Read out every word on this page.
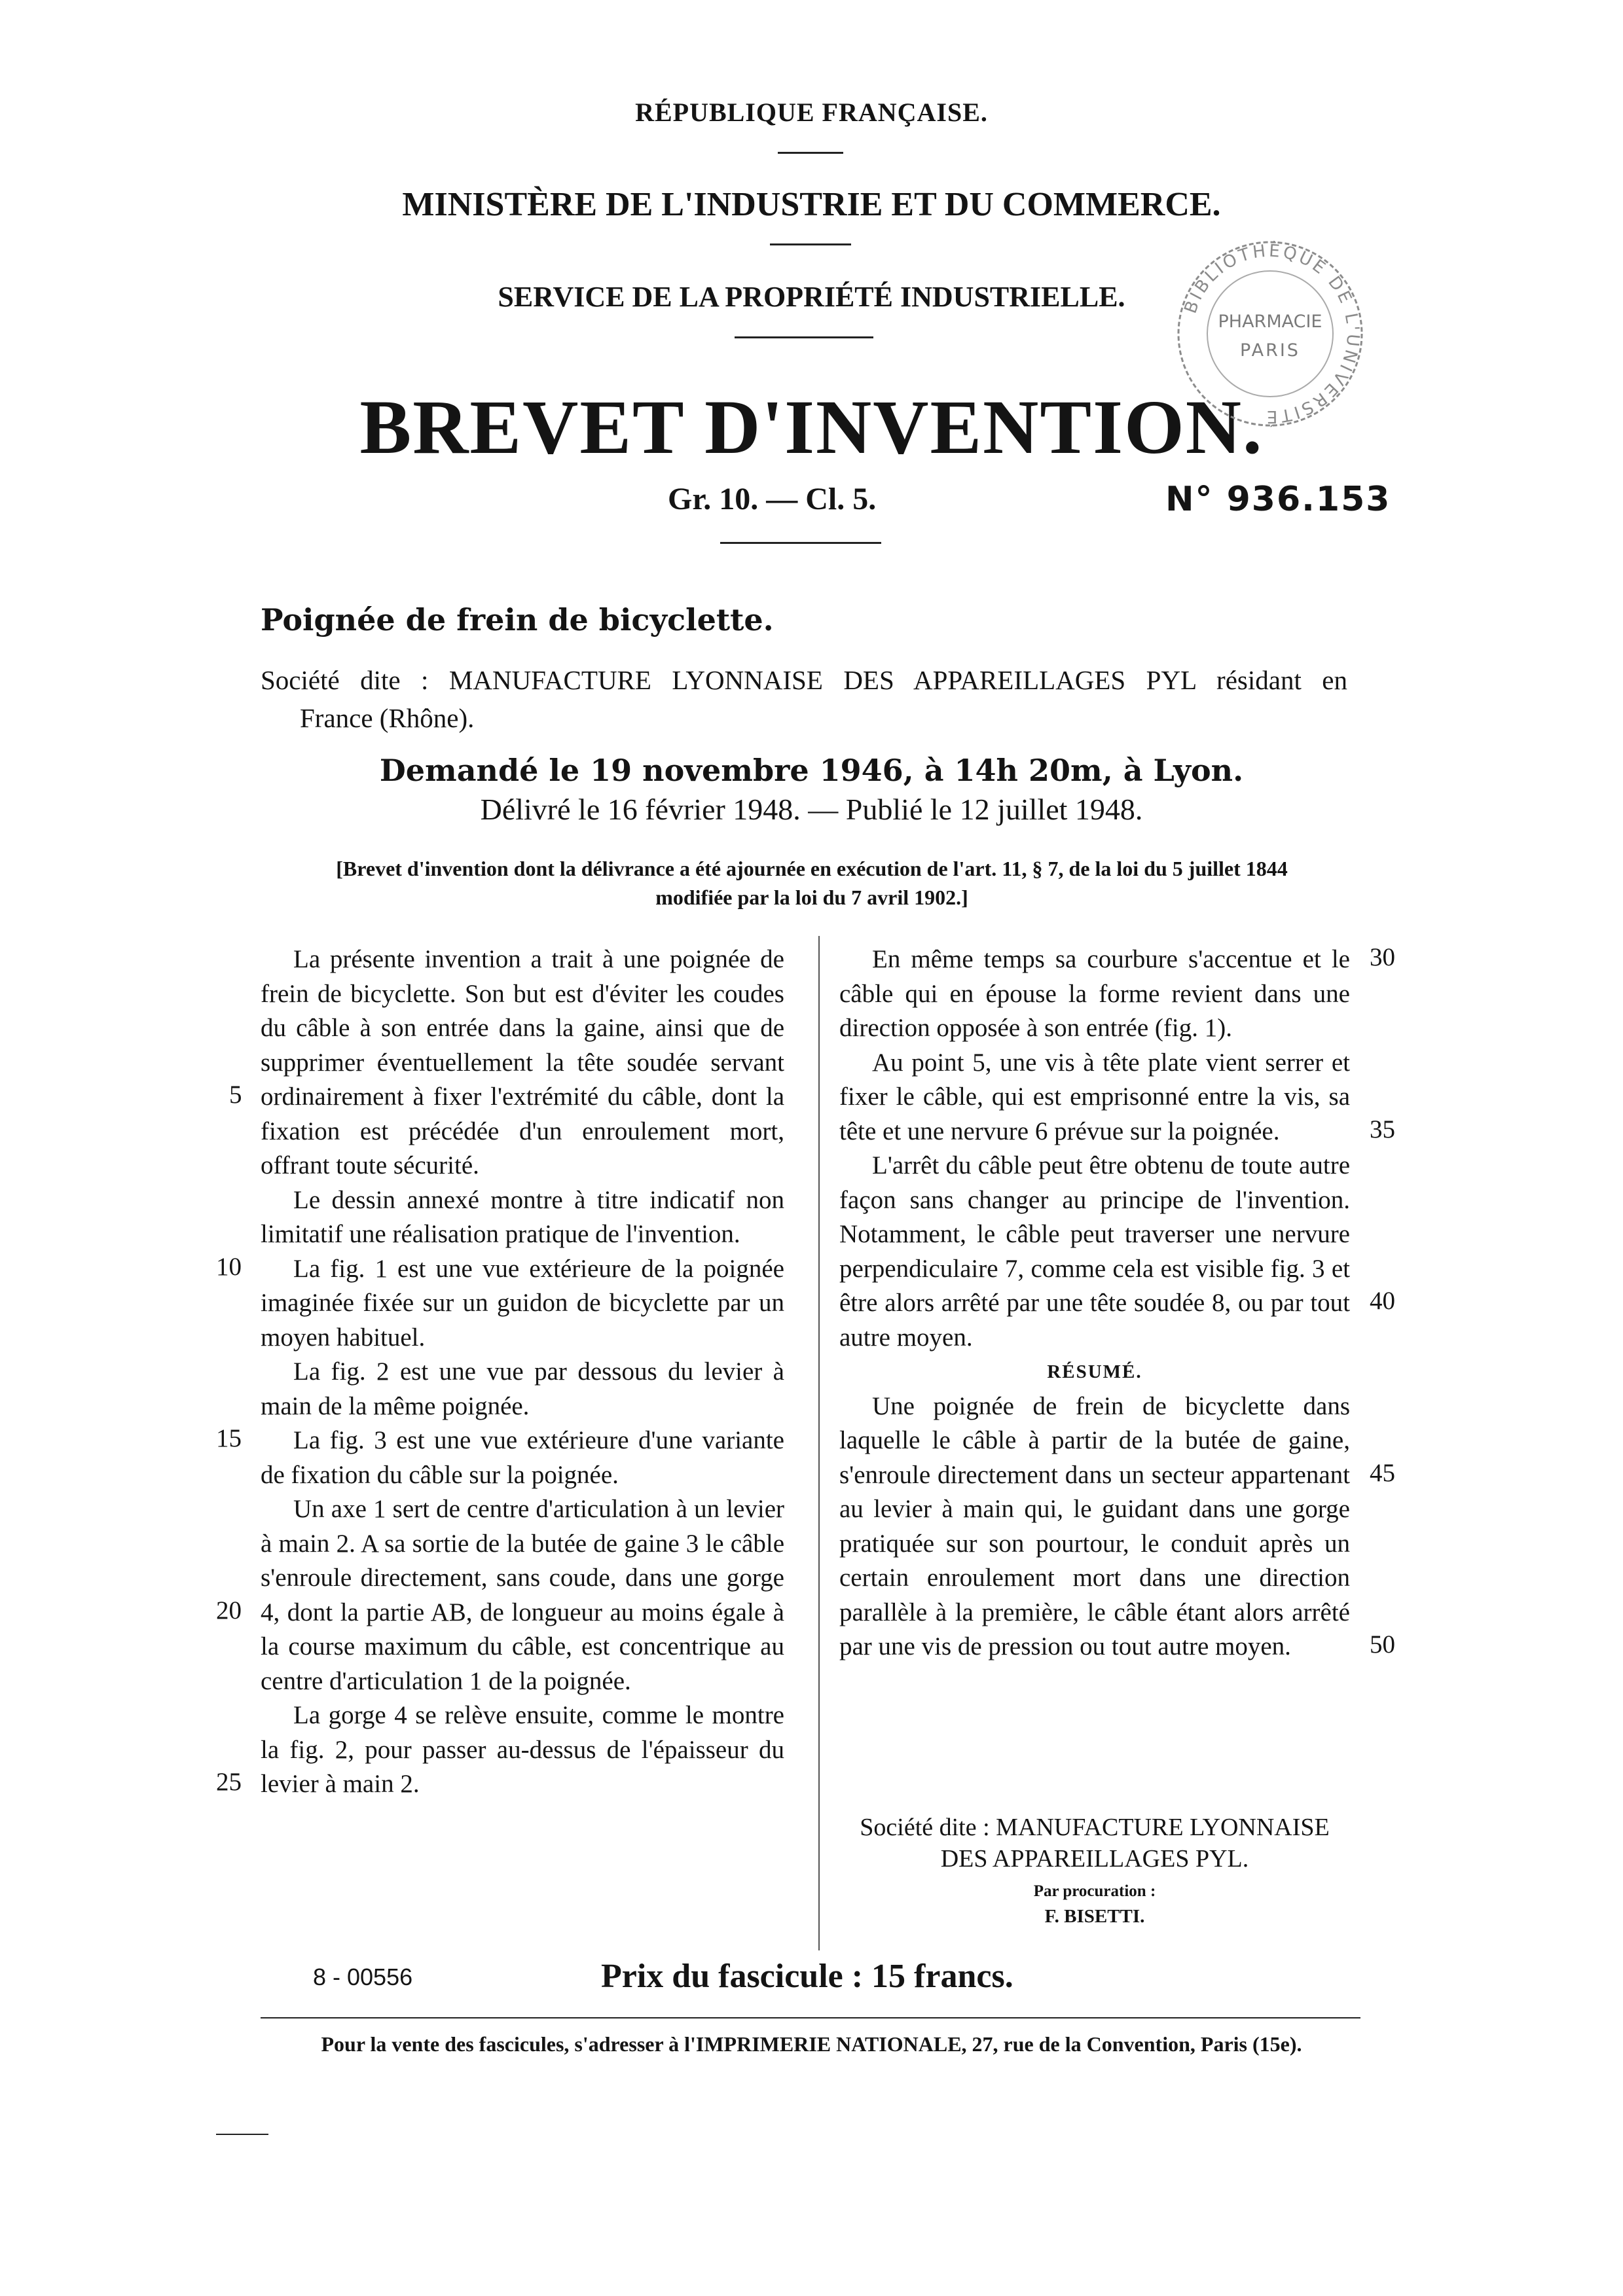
RÉPUBLIQUE FRANÇAISE.
MINISTÈRE DE L'INDUSTRIE ET DU COMMERCE.
SERVICE DE LA PROPRIÉTÉ INDUSTRIELLE.
BREVET D'INVENTION.
Gr. 10. — Cl. 5.	N° 936.153
BIBLIOTHÈQUE DE L'UNIVERSITÉ
PHARMACIE
PARIS
Poignée de frein de bicyclette.
Société dite : MANUFACTURE LYONNAISE DES APPAREILLAGES PYL résidant en
France (Rhône).
Demandé le 19 novembre 1946, à 14h 20m, à Lyon.
Délivré le 16 février 1948. — Publié le 12 juillet 1948.
[Brevet d'invention dont la délivrance a été ajournée en exécution de l'art. 11, § 7, de la loi du 5 juillet 1844
modifiée par la loi du 7 avril 1902.]

La présente invention a trait à une poignée de frein de bicyclette. Son but est d'éviter les coudes du câble à son entrée dans la gaine, ainsi que de supprimer éventuellement la tête soudée servant ordinairement à fixer l'extrémité du câble, dont la fixation est précédée d'un enroulement mort, offrant toute sécurité.

Le dessin annexé montre à titre indicatif non limitatif une réalisation pratique de l'invention.

La fig. 1 est une vue extérieure de la poignée imaginée fixée sur un guidon de bicyclette par un moyen habituel.

La fig. 2 est une vue par dessous du levier à main de la même poignée.

La fig. 3 est une vue extérieure d'une variante de fixation du câble sur la poignée.

Un axe 1 sert de centre d'articulation à un levier à main 2. A sa sortie de la butée de gaine 3 le câble s'enroule directement, sans coude, dans une gorge 4, dont la partie AB, de longueur au moins égale à la course maximum du câble, est concentrique au centre d'articulation 1 de la poignée.

La gorge 4 se relève ensuite, comme le montre la fig. 2, pour passer au-dessus de l'épaisseur du levier à main 2.

5
10
15
20
25

En même temps sa courbure s'accentue et le câble qui en épouse la forme revient dans une direction opposée à son entrée (fig. 1).

Au point 5, une vis à tête plate vient serrer et fixer le câble, qui est emprisonné entre la vis, sa tête et une nervure 6 prévue sur la poignée.

L'arrêt du câble peut être obtenu de toute autre façon sans changer au principe de l'invention. Notamment, le câble peut traverser une nervure perpendiculaire 7, comme cela est visible fig. 3 et être alors arrêté par une tête soudée 8, ou par tout autre moyen.

RÉSUMÉ.

Une poignée de frein de bicyclette dans laquelle le câble à partir de la butée de gaine, s'enroule directement dans un secteur appartenant au levier à main qui, le guidant dans une gorge pratiquée sur son pourtour, le conduit après un certain enroulement mort dans une direction parallèle à la première, le câble étant alors arrêté par une vis de pression ou tout autre moyen.

30
35
40
45
50
Société dite : MANUFACTURE LYONNAISE
DES APPAREILLAGES PYL.
Par procuration :
F. BISETTI.
8 - 00556	Prix du fascicule : 15 francs.
Pour la vente des fascicules, s'adresser à l'IMPRIMERIE NATIONALE, 27, rue de la Convention, Paris (15e).
